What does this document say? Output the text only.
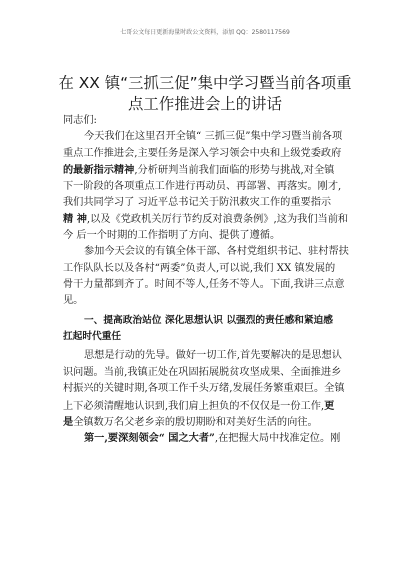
七哥公文每日更新海量时政公文资料，添加 QQ：2580117569
在 XX 镇“三抓三促”集中学习暨当前各项重
点工作推进会上的讲话
同志们:
今天我们在这里召开全镇“ 三抓三促”集中学习暨当前各项
重点工作推进会,主要任务是深入学习领会中央和上级党委政府
的最新指示精神,分析研判当前我们面临的形势与挑战,对全镇
下一阶段的各项重点工作进行再动员、再部署、再落实。刚才,
我们共同学习了 习近平总书记关于防汛救灾工作的重要指示
精 神,以及《党政机关厉行节约反对浪费条例》,这为我们当前和
今 后一个时期的工作指明了方向、提供了遵循。
参加今天会议的有镇全体干部、各村党组织书记、驻村帮扶
工作队队长以及各村“两委”负责人,可以说,我们 XX 镇发展的
骨干力量都到齐了。时间不等人,任务不等人。下面,我讲三点意
见。
一、提高政治站位 深化思想认识 以强烈的责任感和紧迫感
扛起时代重任
思想是行动的先导。做好一切工作,首先要解决的是思想认
识问题。当前,我镇正处在巩固拓展脱贫攻坚成果、全面推进乡
村振兴的关键时期,各项工作千头万绪,发展任务繁重艰巨。全镇
上下必须清醒地认识到,我们肩上担负的不仅仅是一份工作,更
是全镇数万名父老乡亲的殷切期盼和对美好生活的向往。
第一,要深刻领会“ 国之大者”,在把握大局中找准定位。刚
